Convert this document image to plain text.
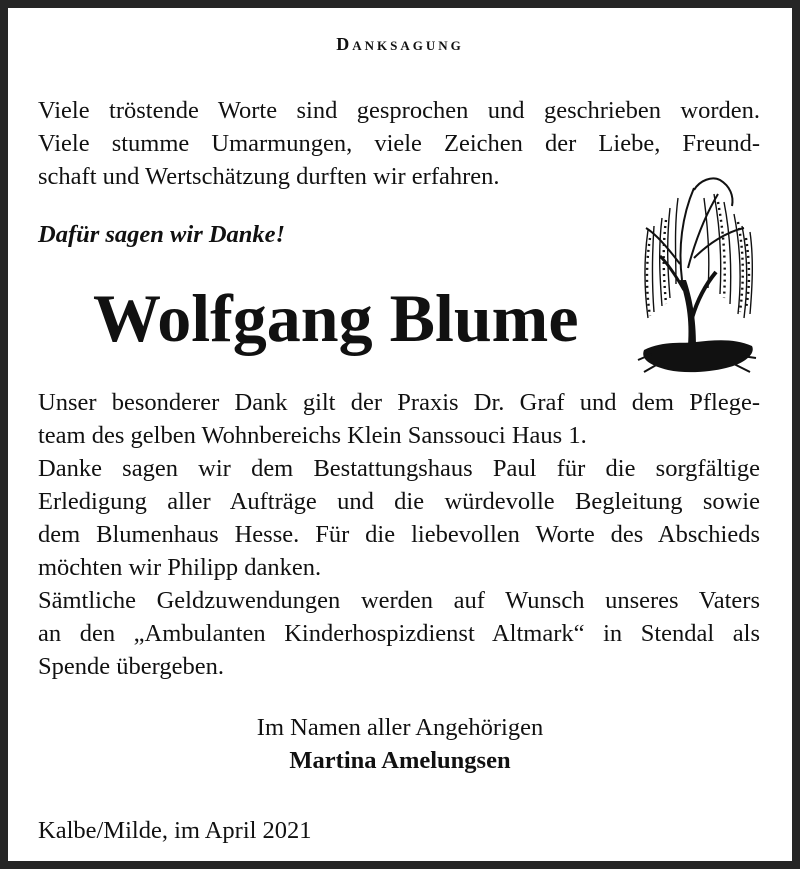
Danksagung
Viele tröstende Worte sind gesprochen und geschrieben worden.
Viele stumme Umarmungen, viele Zeichen der Liebe, Freund-
schaft und Wertschätzung durften wir erfahren.
Dafür sagen wir Danke!
Wolfgang Blume
Unser besonderer Dank gilt der Praxis Dr. Graf und dem Pflege-
team des gelben Wohnbereichs Klein Sanssouci Haus 1.
Danke sagen wir dem Bestattungshaus Paul für die sorgfältige
Erledigung aller Aufträge und die würdevolle Begleitung sowie
dem Blumenhaus Hesse. Für die liebevollen Worte des Abschieds
möchten wir Philipp danken.
Sämtliche Geldzuwendungen werden auf Wunsch unseres Vaters
an den „Ambulanten Kinderhospizdienst Altmark“ in Stendal als
Spende übergeben.
Im Namen aller Angehörigen
Martina Amelungsen
Kalbe/Milde, im April 2021
